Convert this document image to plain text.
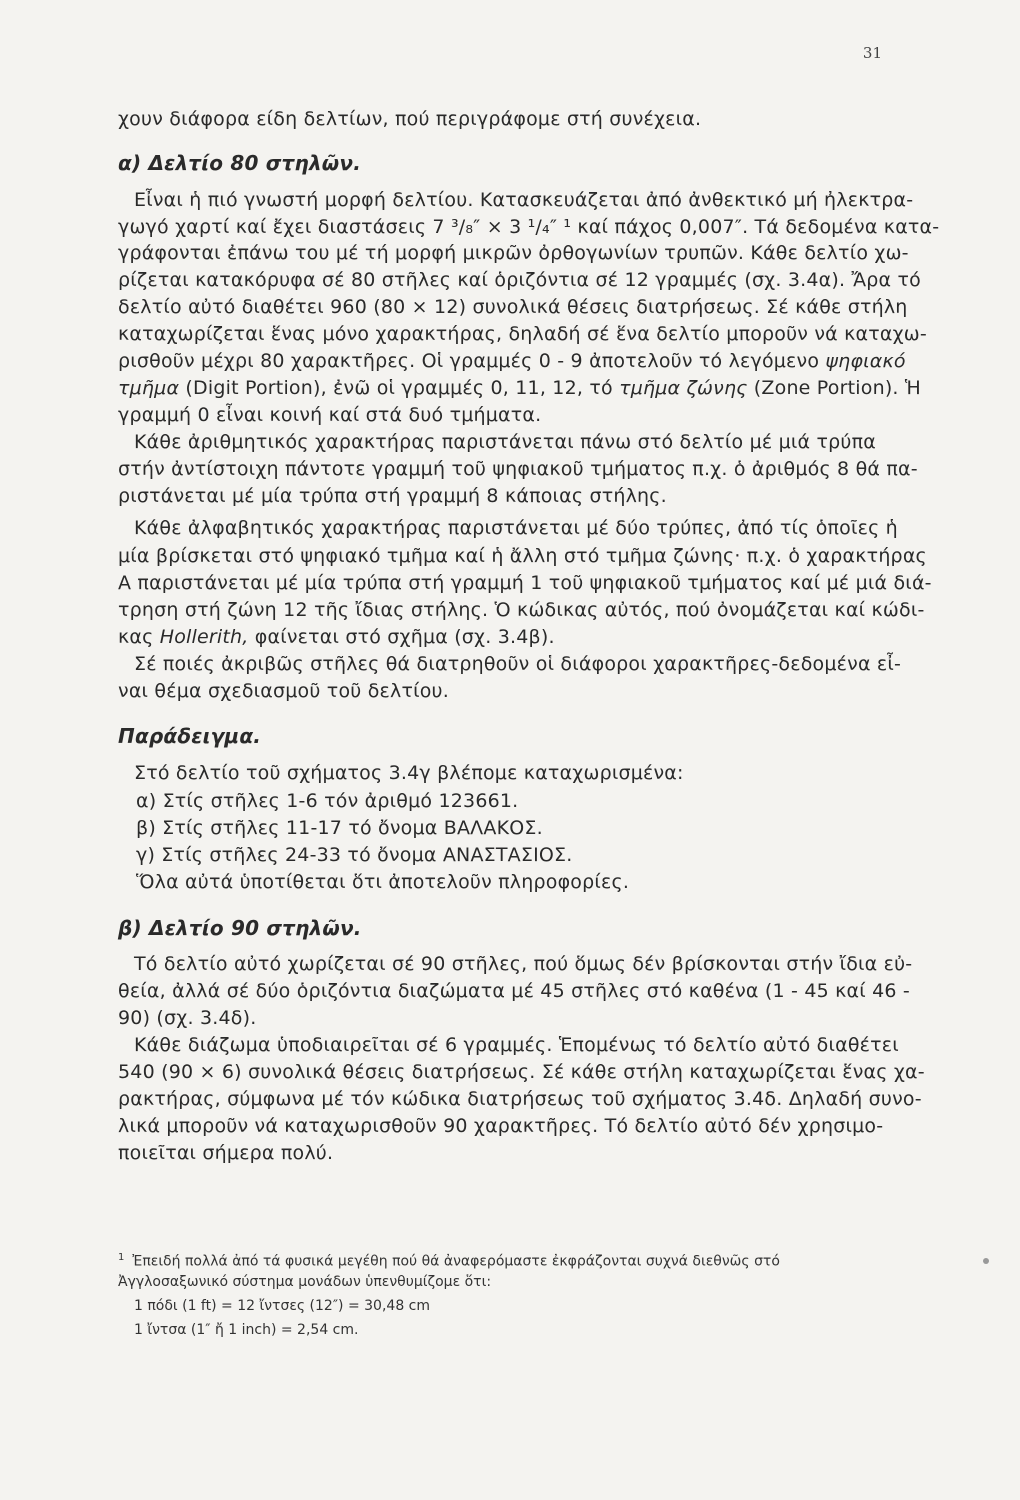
31
χουν διάφορα είδη δελτίων, πού περιγράφομε στή συνέχεια.
α) Δελτίο 80 στηλῶν.
Εἶναι ἡ πιό γνωστή μορφή δελτίου. Κατασκευάζεται ἀπό ἀνθεκτικό μή ἠλεκτρα-
γωγό χαρτί καί ἔχει διαστάσεις 7 ³/₈″ × 3 ¹/₄″ ¹ καί πάχος 0,007″. Τά δεδομένα κατα-
γράφονται ἐπάνω του μέ τή μορφή μικρῶν ὀρθογωνίων τρυπῶν. Κάθε δελτίο χω-
ρίζεται κατακόρυφα σέ 80 στῆλες καί ὁριζόντια σέ 12 γραμμές (σχ. 3.4α). Ἄρα τό
δελτίο αὐτό διαθέτει 960 (80 × 12) συνολικά θέσεις διατρήσεως. Σέ κάθε στήλη
καταχωρίζεται ἕνας μόνο χαρακτήρας, δηλαδή σέ ἕνα δελτίο μποροῦν νά καταχω-
ρισθοῦν μέχρι 80 χαρακτῆρες. Οἱ γραμμές 0 - 9 ἀποτελοῦν τό λεγόμενο ψηφιακό
τμῆμα (Digit Portion), ἐνῶ οἱ γραμμές 0, 11, 12, τό τμῆμα ζώνης (Zone Portion). Ἡ
γραμμή 0 εἶναι κοινή καί στά δυό τμήματα.
Κάθε ἀριθμητικός χαρακτήρας παριστάνεται πάνω στό δελτίο μέ μιά τρύπα
στήν ἀντίστοιχη πάντοτε γραμμή τοῦ ψηφιακοῦ τμήματος π.χ. ὁ ἀριθμός 8 θά πα-
ριστάνεται μέ μία τρύπα στή γραμμή 8 κάποιας στήλης.
Κάθε ἀλφαβητικός χαρακτήρας παριστάνεται μέ δύο τρύπες, ἀπό τίς ὁποῖες ἡ
μία βρίσκεται στό ψηφιακό τμῆμα καί ἡ ἄλλη στό τμῆμα ζώνης· π.χ. ὁ χαρακτήρας
Α παριστάνεται μέ μία τρύπα στή γραμμή 1 τοῦ ψηφιακοῦ τμήματος καί μέ μιά διά-
τρηση στή ζώνη 12 τῆς ἴδιας στήλης. Ὁ κώδικας αὐτός, πού ὀνομάζεται καί κώδι-
κας Hollerith, φαίνεται στό σχῆμα (σχ. 3.4β).
Σέ ποιές ἀκριβῶς στῆλες θά διατρηθοῦν οἱ διάφοροι χαρακτῆρες-δεδομένα εἶ-
ναι θέμα σχεδιασμοῦ τοῦ δελτίου.
Παράδειγμα.
Στό δελτίο τοῦ σχήματος 3.4γ βλέπομε καταχωρισμένα:
α) Στίς στῆλες 1-6 τόν ἀριθμό 123661.
β) Στίς στῆλες 11-17 τό ὄνομα ΒΑΛΑΚΟΣ.
γ) Στίς στῆλες 24-33 τό ὄνομα ΑΝΑΣΤΑΣΙΟΣ.
Ὅλα αὐτά ὑποτίθεται ὅτι ἀποτελοῦν πληροφορίες.
β) Δελτίο 90 στηλῶν.
Τό δελτίο αὐτό χωρίζεται σέ 90 στῆλες, πού ὅμως δέν βρίσκονται στήν ἴδια εὐ-
θεία, ἀλλά σέ δύο ὁριζόντια διαζώματα μέ 45 στῆλες στό καθένα (1 - 45 καί 46 -
90) (σχ. 3.4δ).
Κάθε διάζωμα ὑποδιαιρεῖται σέ 6 γραμμές. Ἑπομένως τό δελτίο αὐτό διαθέτει
540 (90 × 6) συνολικά θέσεις διατρήσεως. Σέ κάθε στήλη καταχωρίζεται ἕνας χα-
ρακτήρας, σύμφωνα μέ τόν κώδικα διατρήσεως τοῦ σχήματος 3.4δ. Δηλαδή συνο-
λικά μποροῦν νά καταχωρισθοῦν 90 χαρακτῆρες. Τό δελτίο αὐτό δέν χρησιμο-
ποιεῖται σήμερα πολύ.
$^1$ Ἐπειδή πολλά ἀπό τά φυσικά μεγέθη πού θά ἀναφερόμαστε ἐκφράζονται συχνά διεθνῶς στό
Ἀγγλοσαξωνικό σύστημα μονάδων ὑπενθυμίζομε ὅτι:
1 πόδι (1 ft) = 12 ἴντσες (12″) = 30,48 cm
1 ἴντσα (1″ ἤ 1 inch) = 2,54 cm.
